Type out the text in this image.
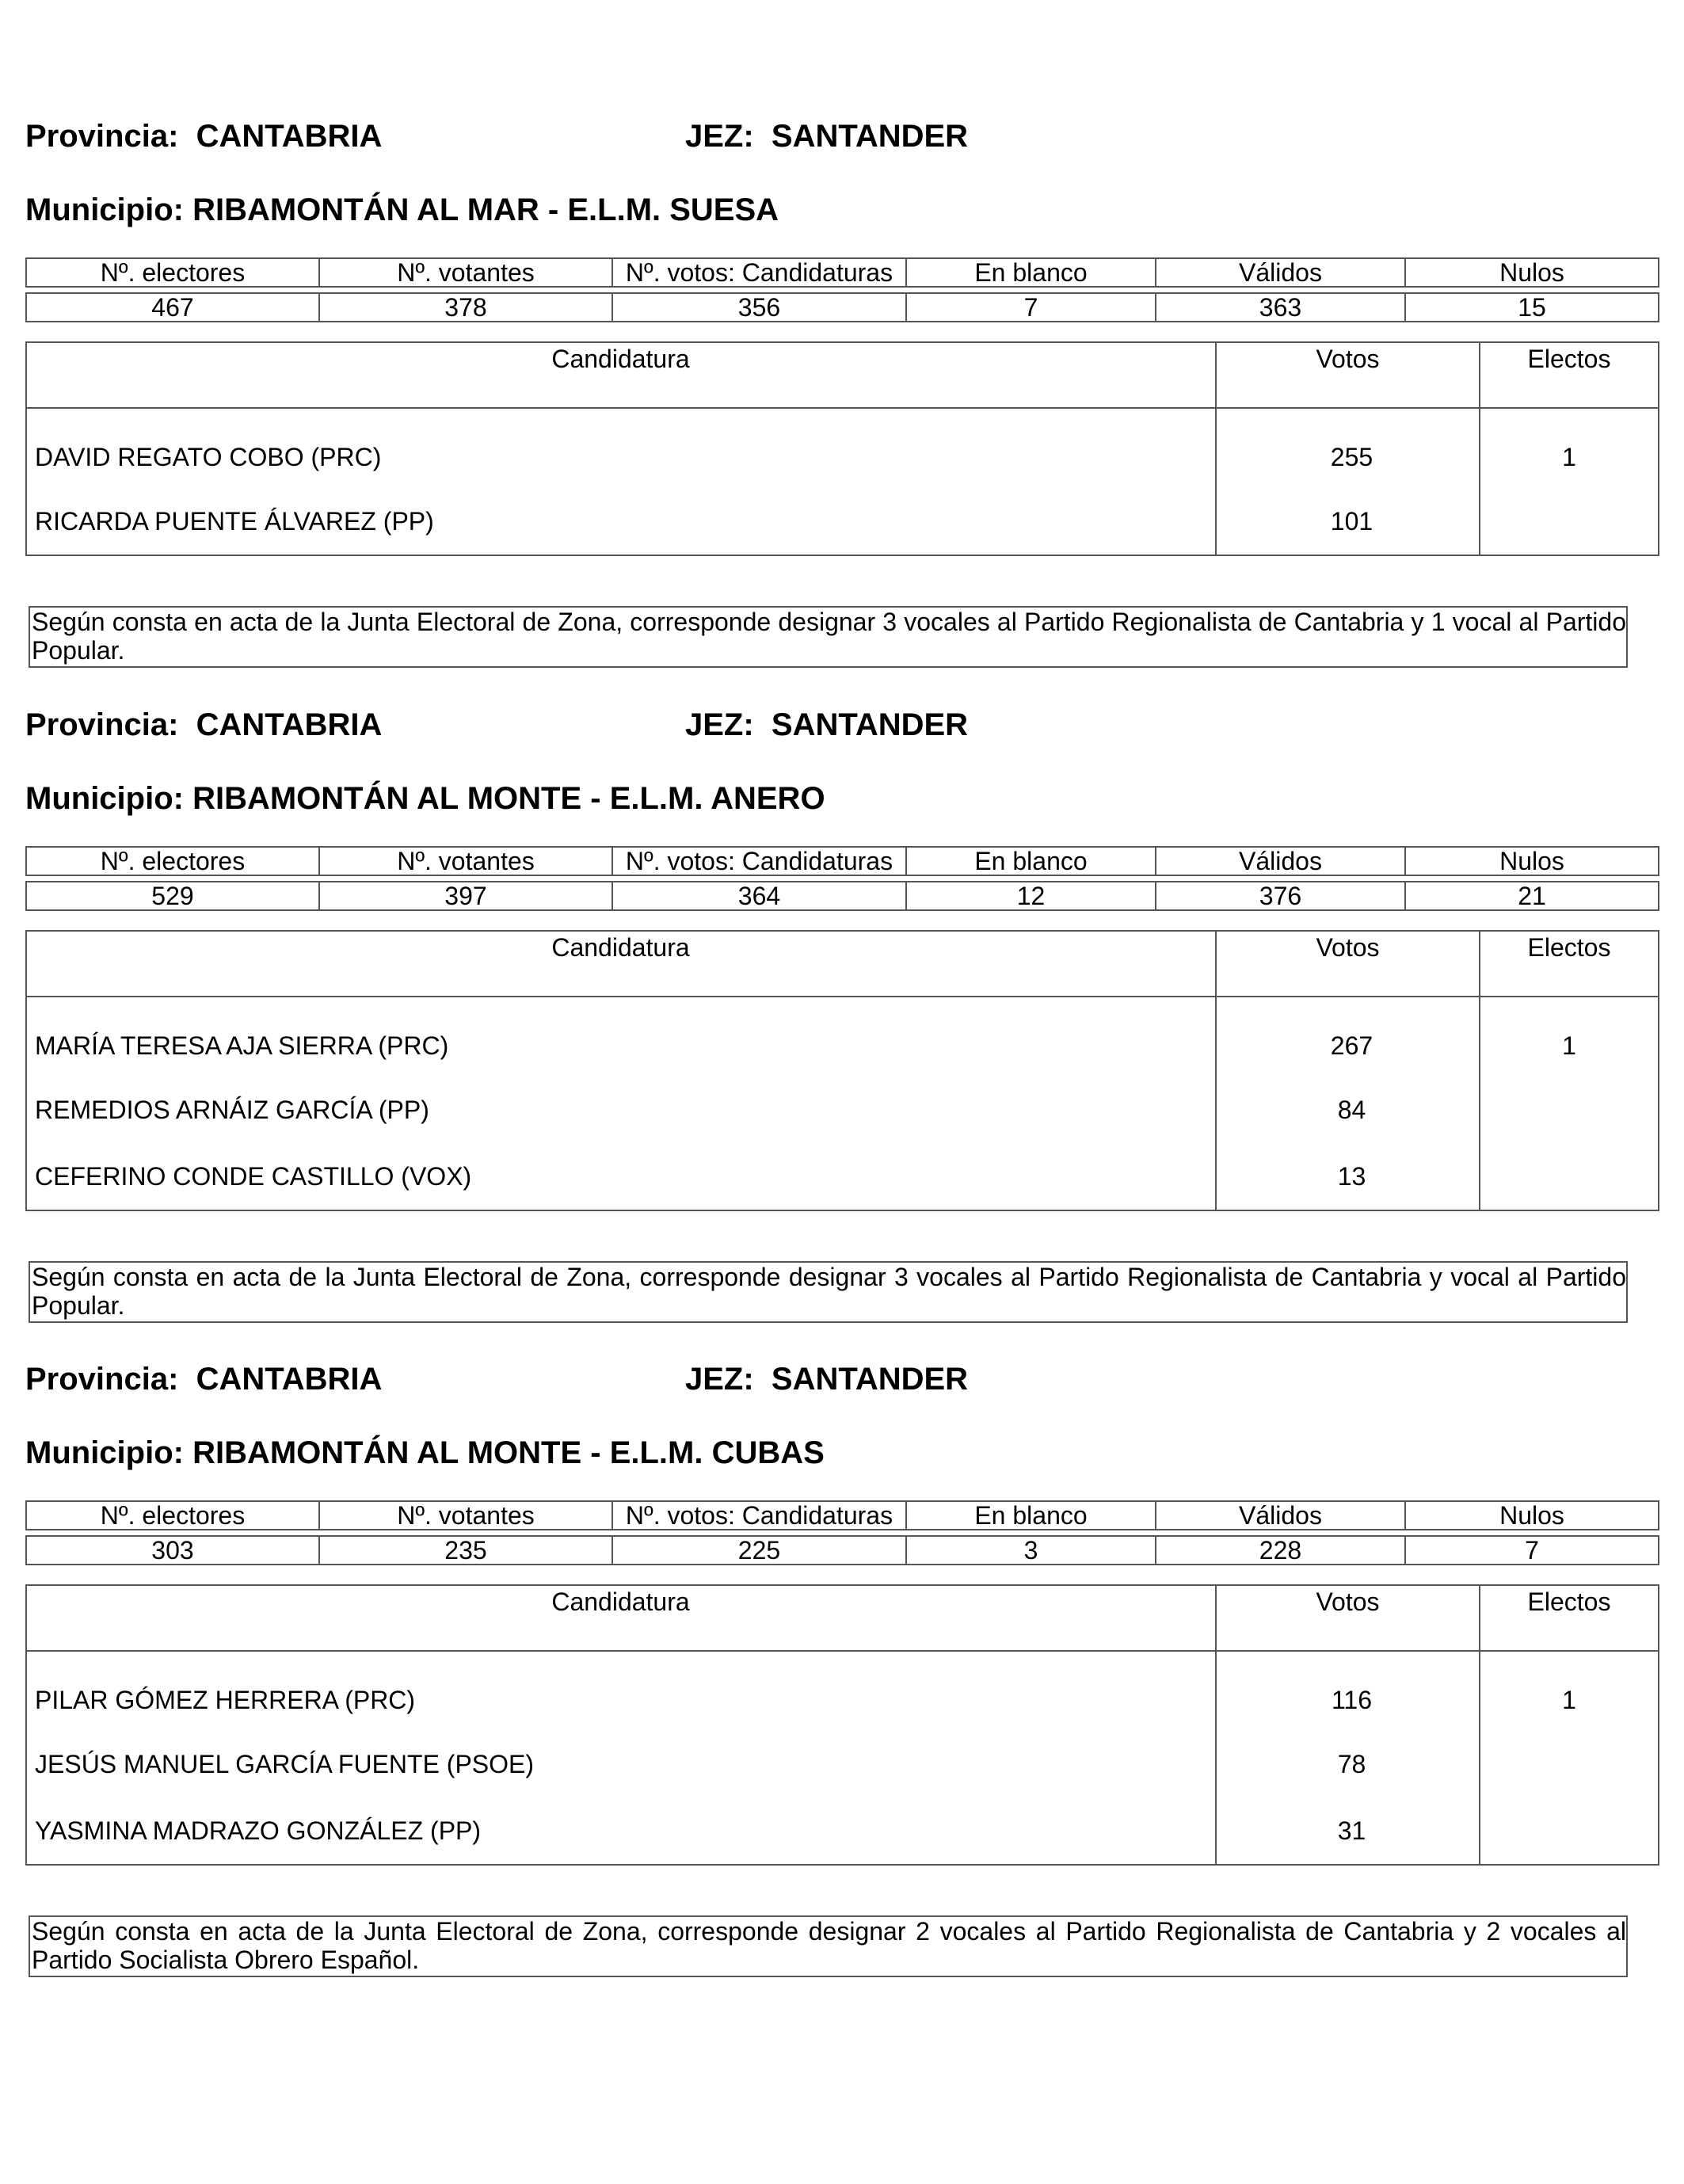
Provincia:  CANTABRIA	JEZ:  SANTANDER
Municipio: RIBAMONTÁN AL MAR - E.L.M. SUESA
Nº. electores	Nº. votantes	Nº. votos: Candidaturas	En blanco	Válidos	Nulos

467	378	356	7	363	15
Candidatura	Votos	Electos
DAVID REGATO COBO (PRC)	255	1
RICARDA PUENTE ÁLVAREZ (PP)	101	
Según consta en acta de la Junta Electoral de Zona, corresponde designar 3 vocales al Partido Regionalista de Cantabria y 1 vocal al Partido Popular.
Provincia:  CANTABRIA	JEZ:  SANTANDER
Municipio: RIBAMONTÁN AL MONTE - E.L.M. ANERO
Nº. electores	Nº. votantes	Nº. votos: Candidaturas	En blanco	Válidos	Nulos

529	397	364	12	376	21
Candidatura	Votos	Electos
MARÍA TERESA AJA SIERRA (PRC)	267	1
REMEDIOS ARNÁIZ GARCÍA (PP)	84	
CEFERINO CONDE CASTILLO (VOX)	13	
Según consta en acta de la Junta Electoral de Zona, corresponde designar 3 vocales al Partido Regionalista de Cantabria y vocal al Partido Popular.
Provincia:  CANTABRIA	JEZ:  SANTANDER
Municipio: RIBAMONTÁN AL MONTE - E.L.M. CUBAS
Nº. electores	Nº. votantes	Nº. votos: Candidaturas	En blanco	Válidos	Nulos

303	235	225	3	228	7
Candidatura	Votos	Electos
PILAR GÓMEZ HERRERA (PRC)	116	1
JESÚS MANUEL GARCÍA FUENTE (PSOE)	78	
YASMINA MADRAZO GONZÁLEZ (PP)	31	
Según consta en acta de la Junta Electoral de Zona, corresponde designar 2 vocales al Partido Regionalista de Cantabria y 2 vocales al Partido Socialista Obrero Español.
